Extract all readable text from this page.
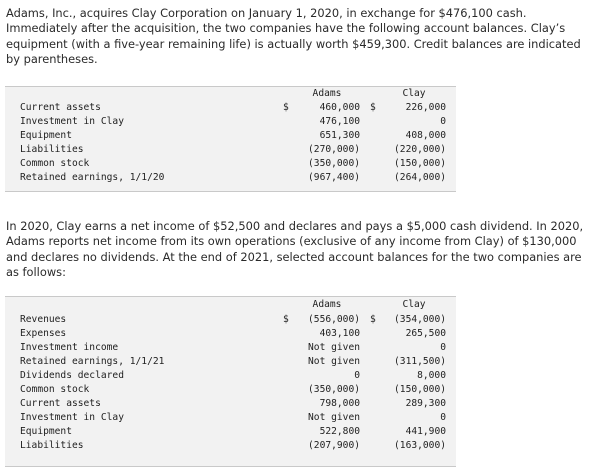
Adams, Inc., acquires Clay Corporation on January 1, 2020, in exchange for $476,100 cash. Immediately after the acquisition, the two companies have the following account balances. Clay’s equipment (with a five-year remaining life) is actually worth $459,300. Credit balances are indicated by parentheses.

Adams	Clay
Current assets	$	460,000 $	226,000
Investment in Clay	476,100	0
Equipment	651,300	408,000
Liabilities	(270,000)	(220,000)
Common stock	(350,000)	(150,000)
Retained earnings, 1/1/20	(967,400)	(264,000)

In 2020, Clay earns a net income of $52,500 and declares and pays a $5,000 cash dividend. In 2020, Adams reports net income from its own operations (exclusive of any income from Clay) of $130,000 and declares no dividends. At the end of 2021, selected account balances for the two companies are as follows:

Adams	Clay
Revenues	$ (556,000) $ (354,000)
Expenses	403,100	265,500
Investment income	Not given	0
Retained earnings, 1/1/21	Not given	(311,500)
Dividends declared	0	8,000
Common stock	(350,000)	(150,000)
Current assets	798,000	289,300
Investment in Clay	Not given	0
Equipment	522,800	441,900
Liabilities	(207,900)	(163,000)
